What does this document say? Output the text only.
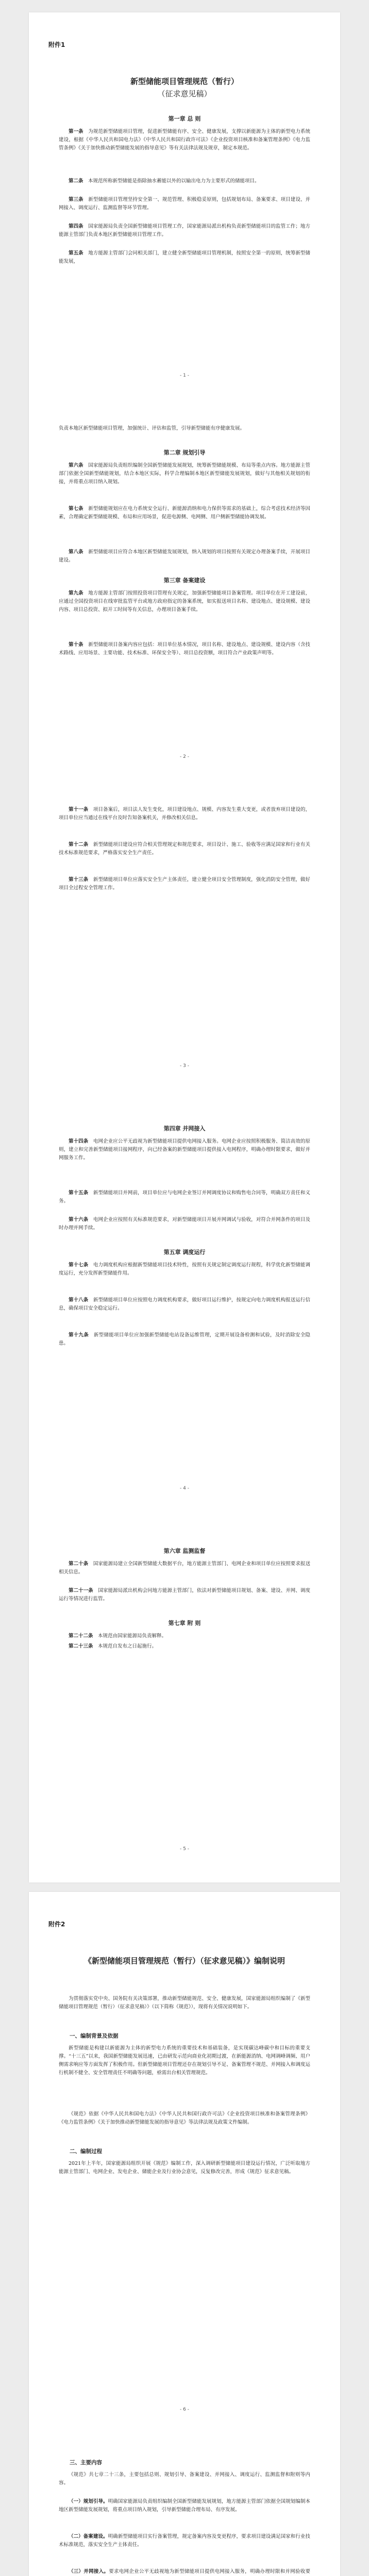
附件1
新型储能项目管理规范（暂行）
（征求意见稿）
第一章 总 则

第一条　 为规范新型储能项目管理，促进新型储能有序、安全、健康发展，支撑以新能源为主体的新型电力系统建设，根据《中华人民共和国电力法》《中华人民共和国行政许可法》《企业投资项目核准和备案管理条例》《电力监管条例》《关于加快推动新型储能发展的指导意见》等有关法律法规及规章，制定本规范。

第二条　 本规范所称新型储能是指除抽水蓄能以外的以输出电力为主要形式的储能项目。

第三条　 新型储能项目管理坚持安全第一、规范管理、积极稳妥原则，包括规划布局、备案要求、项目建设、并网接入、调度运行、监测监督等环节管理。

第四条　 国家能源局负责全国新型储能项目管理工作，国家能源局派出机构负责新型储能项目的监管工作；地方能源主管部门负责本地区新型储能项目管理工作。

第五条　 地方能源主管部门会同相关部门，建立健全新型储能项目管理机制，按照安全第一的原则，统筹新型储能发展，

- 1 -

负责本地区新型储能项目管理，加强统计、评估和监管，引导新型储能有序健康发展。

第二章 规划引导

第六条　 国家能源局负责组织编制全国新型储能发展规划，统筹新型储能规模、布局等重点内容。地方能源主管部门依据全国新型储能规划，结合本地区实际，科学合理编制本地区新型储能发展规划，做好与其他相关规划的衔接，并将重点项目纳入规划。

第七条　 新型储能规划应在电力系统安全运行、新能源消纳和电力保供等需求的基础上，综合考虑技术经济等因素，合理确定新型储能规模、布局和应用场景，促进电源侧、电网侧、用户侧新型储能协调发展。

第八条　 新型储能项目应符合本地区新型储能发展规划，纳入规划的项目按照有关规定办理备案手续，开展项目建设。

第三章 备案建设

第九条　 地方能源主管部门按照投资项目管理有关规定，加强新型储能项目备案管理。项目单位在开工建设前，应通过全国投资项目在线审批监管平台或地方政府指定的备案系统，如实报送项目名称、建设地点、建设规模、建设内容、项目总投资、拟开工时间等有关信息，办理项目备案手续。

第十条　 新型储能项目备案内容应包括：项目单位基本情况，项目名称、建设地点、建设规模、建设内容（含技术路线、应用场景、主要功能、技术标准、环保安全等）、项目总投资额，项目符合产业政策声明等。

- 2 -

第十一条　 项目备案后，项目法人发生变化，项目建设地点、规模、内容发生重大变更，或者放弃项目建设的，项目单位应当通过在线平台及时告知备案机关，并修改相关信息。

第十二条　 新型储能项目建设应符合相关管理规定和规范要求，项目设计、施工、验收等应满足国家和行业有关技术标准规范要求，严格落实安全生产责任。

第十三条　 新型储能项目单位应落实安全生产主体责任，建立健全项目安全管理制度，强化消防安全管理，做好项目全过程安全管理工作。

- 3 -
第四章 并网接入

第十四条　 电网企业应公平无歧视为新型储能项目提供电网接入服务。电网企业应按照积极服务、简洁高效的原则，建立和完善新型储能项目接网程序，向已经备案的新型储能项目提供接入电网程序，明确办理时限要求，做好并网服务工作。

第十五条　 新型储能项目并网前，项目单位应与电网企业签订并网调度协议和购售电合同等，明确双方责任和义务。

第十六条　 电网企业应按照有关标准规范要求，对新型储能项目开展并网调试与验收，对符合并网条件的项目及时办理并网手续。

第五章 调度运行

第十七条　 电力调度机构应根据新型储能项目技术特性，按照有关规定制定调度运行规程，科学优化新型储能调度运行，充分发挥新型储能作用。

第十八条　 新型储能项目单位应按照电力调度机构要求，做好项目运行维护，按规定向电力调度机构报送运行信息，确保项目安全稳定运行。

第十九条　 新型储能项目单位应加强新型储能电站设备运维管理，定期开展设备检测和试验，及时消除安全隐患。

- 4 -
第六章 监测监督

第二十条　 国家能源局建立全国新型储能大数据平台，地方能源主管部门、电网企业和项目单位应按照要求报送相关信息。

第二十一条　 国家能源局派出机构会同地方能源主管部门，依法对新型储能项目规划、备案、建设、并网、调度运行等情况进行监管。

第七章 附 则

第二十二条　 本规范由国家能源局负责解释。

第二十三条　 本规范自发布之日起施行。

- 5 -
附件2
《新型储能项目管理规范（暂行）（征求意见稿）》编制说明

为贯彻落实党中央、国务院有关决策部署，推动新型储能规范、安全、健康发展，国家能源局组织编制了《新型储能项目管理规范（暂行）（征求意见稿）》（以下简称《规范》），现将有关情况说明如下。

一、编制背景及依据

新型储能是构建以新能源为主体的新型电力系统的重要技术和基础装备，是实现碳达峰碳中和目标的重要支撑。“十三五”以来，我国新型储能发展迅速，已由研发示范向商业化初期过渡，在新能源消纳、电网调峰调频、用户侧需求响应等方面发挥了积极作用。但新型储能项目管理还存在规划引导不足、备案管理不规范、并网接入和调度运行机制不健全、安全管理责任不明确等问题，亟需出台相关管理规范。

《规范》依据《中华人民共和国电力法》《中华人民共和国行政许可法》《企业投资项目核准和备案管理条例》《电力监管条例》《关于加快推动新型储能发展的指导意见》等法律法规及政策文件编制。

二、编制过程

2021年上半年，国家能源局组织开展《规范》编制工作，深入调研新型储能项目建设运行情况，广泛听取地方能源主管部门、电网企业、发电企业、储能企业及行业协会意见，反复修改完善，形成《规范》征求意见稿。

- 6 -
三、主要内容

《规范》共七章二十三条，主要包括总则、规划引导、备案建设、并网接入、调度运行、监测监督和附则等内容。

（一）规划引导。明确国家能源局负责组织编制全国新型储能发展规划，地方能源主管部门依据全国规划编制本地区新型储能发展规划，将重点项目纳入规划，引导新型储能合理布局、有序发展。

（二）备案建设。明确新型储能项目实行备案管理，规定备案内容及变更程序，要求项目建设满足国家和行业技术标准规范，落实安全生产主体责任。

（三）并网接入。要求电网企业公平无歧视地为新型储能项目提供电网接入服务，明确办理时限和并网验收要
